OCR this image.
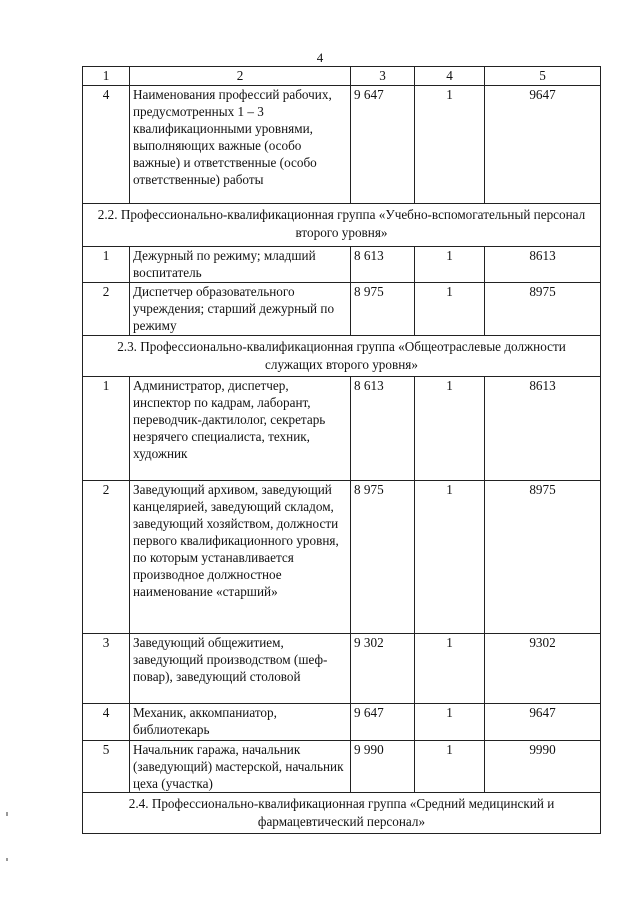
4
1	2	3	4	5
4	Наименования профессий рабочих, предусмотренных 1 – 3 квалификационными уровнями, выполняющих важные (особо важные) и ответственные (особо ответственные) работы	9 647	1	9647
2.2. Профессионально-квалификационная группа «Учебно-вспомогательный персонал второго уровня»				
1	Дежурный по режиму; младший воспитатель	8 613	1	8613
2	Диспетчер образовательного учреждения; старший дежурный по режиму	8 975	1	8975
2.3. Профессионально-квалификационная группа «Общеотраслевые должности служащих второго уровня»				
1	Администратор, диспетчер, инспектор по кадрам, лаборант, переводчик-дактилолог, секретарь незрячего специалиста, техник, художник	8 613	1	8613
2	Заведующий архивом, заведующий канцелярией, заведующий складом, заведующий хозяйством, должности первого квалификационного уровня, по которым устанавливается производное должностное наименование «старший»	8 975	1	8975
3	Заведующий общежитием, заведующий производством (шеф-повар), заведующий столовой	9 302	1	9302
4	Механик, аккомпаниатор, библиотекарь	9 647	1	9647
5	Начальник гаража, начальник (заведующий) мастерской, начальник цеха (участка)	9 990	1	9990
2.4. Профессионально-квалификационная группа «Средний медицинский и фармацевтический персонал»				
